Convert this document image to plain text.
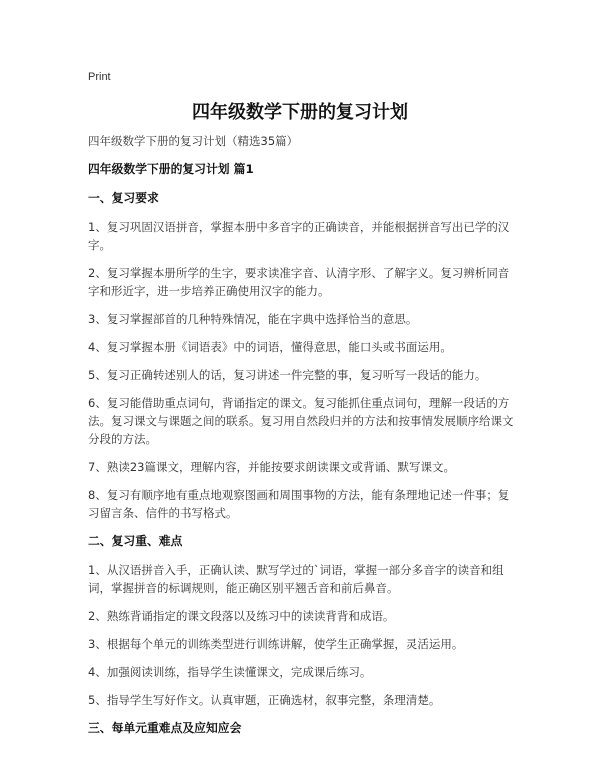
Print
四年级数学下册的复习计划
四年级数学下册的复习计划（精选35篇）

四年级数学下册的复习计划 篇1

一、复习要求

1、复习巩固汉语拼音，掌握本册中多音字的正确读音，并能根据拼音写出已学的汉字。

2、复习掌握本册所学的生字，要求读准字音、认清字形、了解字义。复习辨析同音字和形近字，进一步培养正确使用汉字的能力。

3、复习掌握部首的几种特殊情况，能在字典中选择恰当的意思。

4、复习掌握本册《词语表》中的词语，懂得意思，能口头或书面运用。

5、复习正确转述别人的话，复习讲述一件完整的事，复习听写一段话的能力。

6、复习能借助重点词句，背诵指定的课文。复习能抓住重点词句，理解一段话的方法。复习课文与课题之间的联系。复习用自然段归并的方法和按事情发展顺序给课文分段的方法。

7、熟读23篇课文，理解内容，并能按要求朗读课文或背诵、默写课文。

8、复习有顺序地有重点地观察图画和周围事物的方法，能有条理地记述一件事；复习留言条、信件的书写格式。

二、复习重、难点

1、从汉语拼音入手，正确认读、默写学过的`词语，掌握一部分多音字的读音和组词，掌握拼音的标调规则，能正确区别平翘舌音和前后鼻音。

2、熟练背诵指定的课文段落以及练习中的读读背背和成语。

3、根据每个单元的训练类型进行训练讲解，使学生正确掌握，灵活运用。

4、加强阅读训练，指导学生读懂课文，完成课后练习。

5、指导学生写好作文。认真审题，正确选材，叙事完整，条理清楚。

三、每单元重难点及应知应会
